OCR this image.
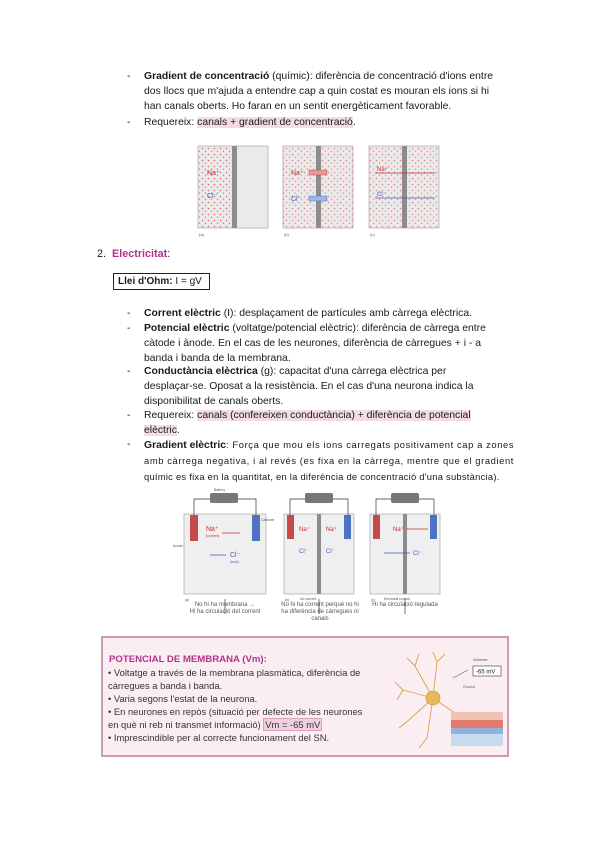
- Gradient de concentració (químic): diferència de concentració d'ions entre
dos llocs que m'ajuda a entendre cap a quin costat es mouran els ions si hi
han canals oberts. Ho faran en un sentit energèticament favorable.
- Requereix: canals + gradient de concentració.
Na⁺
Cl⁻
(a)
Na⁺
Cl⁻
(b)
Na⁺
Cl⁻
(c)
2. Electricitat:
Llei d'Ohm: I = gV
- Corrent elèctric (I): desplaçament de partícules amb càrrega elèctrica.
- Potencial elèctric (voltatge/potencial elèctric): diferència de càrrega entre
càtode i ànode. En el cas de les neurones, diferència de càrregues + i - a
banda i banda de la membrana.
- Conductància elèctrica (g): capacitat d'una càrrega elèctrica per
desplaçar-se. Oposat a la resistència. En el cas d'una neurona indica la
disponibilitat de canals oberts.
- Requereix: canals (confereixen conductància) + diferència de potencial
elèctric.
- Gradient elèctric: Força que mou els ions carregats positivament cap a zones
amb càrrega negativa, i al revés (es fixa en la càrrega, mentre que el gradient
químic es fixa en la quantitat, en la diferència de concentració d'una substància).
Battery
Cathode
Anode
Na⁺
(current)
Cl⁻
(ions)
(a)
Na⁺	Na⁺
Cl⁻	Cl⁻
No current
(b)
Na⁺
Cl⁻
Electrical current
(c)
No hi ha membrana →
Hi ha circulació del corrent
No hi ha corrent perquè no hi
ha diferència de càrregues ni
canals
Hi ha circulació regulada
POTENCIAL DE MEMBRANA (Vm):
• Voltatge a través de la membrana plasmàtica, diferència de
càrregues a banda i banda.
• Varia segons l'estat de la neurona.
• En neurones en repòs (situació per defecte de les neurones
en què ni reb ni transmet informació) Vm = -65 mV
• Imprescindible per al correcte funcionament del SN.
-65 mV
Voltmeter
Ground
